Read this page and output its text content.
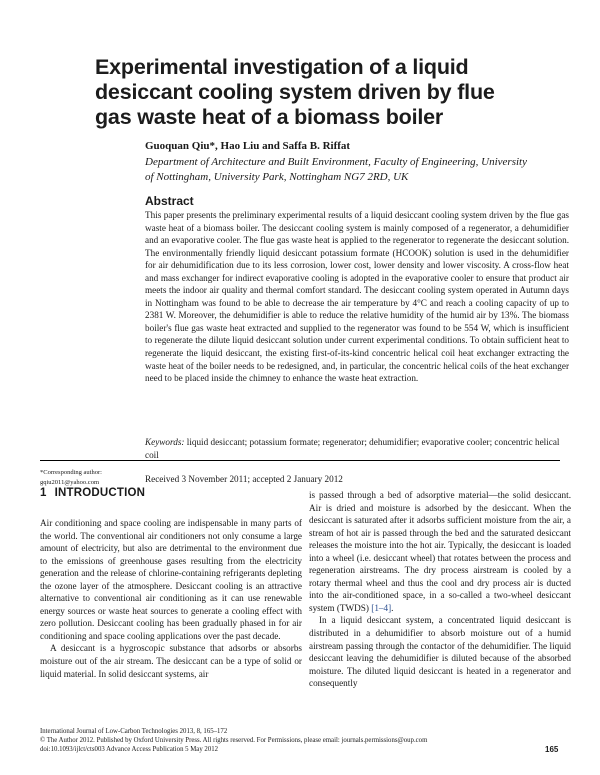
Experimental investigation of a liquid
desiccant cooling system driven by flue
gas waste heat of a biomass boiler

Guoquan Qiu*, Hao Liu and Saffa B. Riffat

Department of Architecture and Built Environment, Faculty of Engineering, University
of Nottingham, University Park, Nottingham NG7 2RD, UK

Abstract

This paper presents the preliminary experimental results of a liquid desiccant cooling system driven by the flue gas waste heat of a biomass boiler. The desiccant cooling system is mainly composed of a regenerator, a dehumidifier and an evaporative cooler. The flue gas waste heat is applied to the regenerator to regenerate the desiccant solution. The environmentally friendly liquid desiccant potassium formate (HCOOK) solution is used in the dehumidifier for air dehumidification due to its less corrosion, lower cost, lower density and lower viscosity. A cross-flow heat and mass exchanger for indirect evaporative cooling is adopted in the evaporative cooler to ensure that product air meets the indoor air quality and thermal comfort standard. The desiccant cooling system operated in Autumn days in Nottingham was found to be able to decrease the air temperature by 4°C and reach a cooling capacity of up to 2381 W. Moreover, the dehumidifier is able to reduce the relative humidity of the humid air by 13%. The biomass boiler's flue gas waste heat extracted and supplied to the regenerator was found to be 554 W, which is insufficient to regenerate the dilute liquid desiccant solution under current experimental conditions. To obtain sufficient heat to regenerate the liquid desiccant, the existing first-of-its-kind concentric helical coil heat exchanger extracting the waste heat of the boiler needs to be redesigned, and, in particular, the concentric helical coils of the heat exchanger need to be placed inside the chimney to enhance the waste heat extraction.

Keywords: liquid desiccant; potassium formate; regenerator; dehumidifier; evaporative cooler; concentric helical coil

*Corresponding author:
gqiu2011@yahoo.com	Received 3 November 2011; accepted 2 January 2012

1 INTRODUCTION

Air conditioning and space cooling are indispensable in many parts of the world. The conventional air conditioners not only consume a large amount of electricity, but also are detrimental to the environment due to the emissions of greenhouse gases resulting from the electricity generation and the release of chlorine-containing refrigerants depleting the ozone layer of the atmosphere. Desiccant cooling is an attractive alternative to conventional air conditioning as it can use renewable energy sources or waste heat sources to generate a cooling effect with zero pollution. Desiccant cooling has been gradually phased in for air conditioning and space cooling applications over the past decade.

A desiccant is a hygroscopic substance that adsorbs or absorbs moisture out of the air stream. The desiccant can be a type of solid or liquid material. In solid desiccant systems, air

is passed through a bed of adsorptive material—the solid desiccant. Air is dried and moisture is adsorbed by the desiccant. When the desiccant is saturated after it adsorbs sufficient moisture from the air, a stream of hot air is passed through the bed and the saturated desiccant releases the moisture into the hot air. Typically, the desiccant is loaded into a wheel (i.e. desiccant wheel) that rotates between the process and regeneration airstreams. The dry process airstream is cooled by a rotary thermal wheel and thus the cool and dry process air is ducted into the air-conditioned space, in a so-called a two-wheel desiccant system (TWDS) [1–4].

In a liquid desiccant system, a concentrated liquid desiccant is distributed in a dehumidifier to absorb moisture out of a humid airstream passing through the contactor of the dehumidifier. The liquid desiccant leaving the dehumidifier is diluted because of the absorbed moisture. The diluted liquid desiccant is heated in a regenerator and consequently

International Journal of Low-Carbon Technologies 2013, 8, 165–172
© The Author 2012. Published by Oxford University Press. All rights reserved. For Permissions, please email: journals.permissions@oup.com
doi:10.1093/ijlct/cts003 Advance Access Publication 5 May 2012	165
